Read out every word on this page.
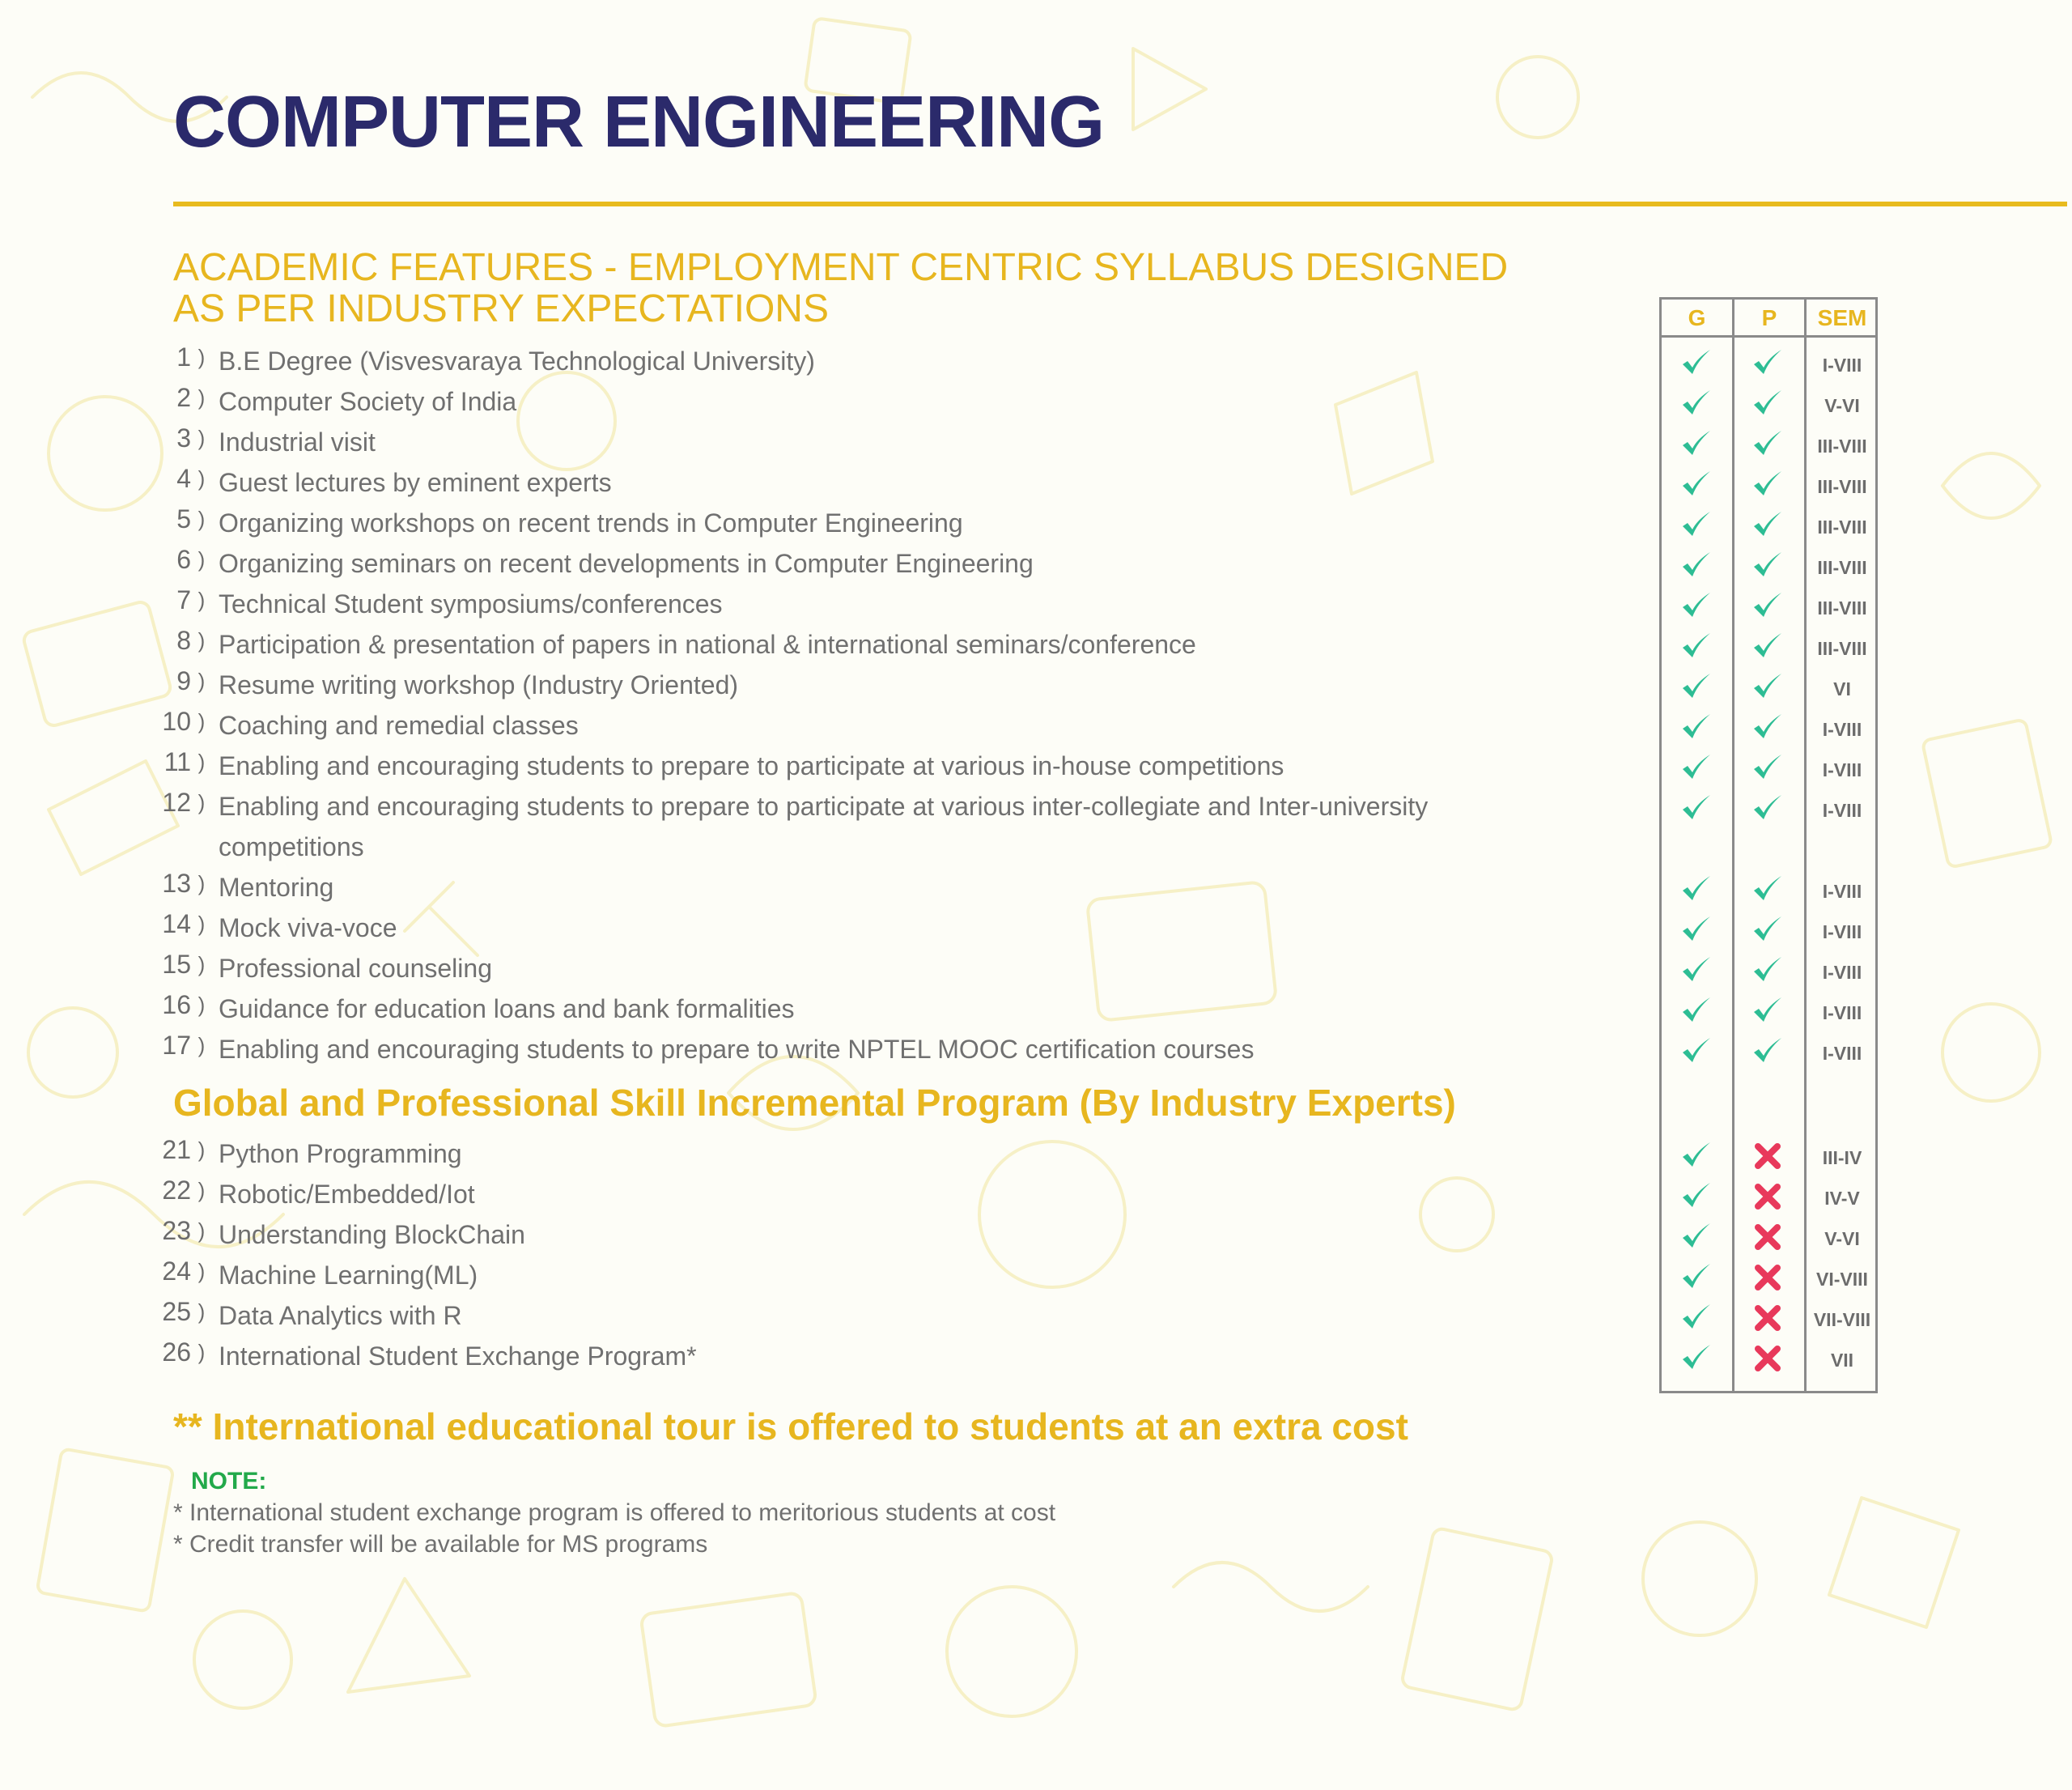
COMPUTER ENGINEERING
ACADEMIC FEATURES - EMPLOYMENT CENTRIC SYLLABUS DESIGNED
AS PER INDUSTRY EXPECTATIONS
1 ) B.E Degree (Visvesvaraya Technological University)
2 ) Computer Society of India
3 ) Industrial visit
4 ) Guest lectures by eminent experts
5 ) Organizing workshops on recent trends in Computer Engineering
6 ) Organizing seminars on recent developments in Computer Engineering
7 ) Technical Student symposiums/conferences
8 ) Participation & presentation of papers in national & international seminars/conference
9 ) Resume writing workshop (Industry Oriented)
10 ) Coaching and remedial classes
11 ) Enabling and encouraging students to prepare to participate at various in-house competitions
12 ) Enabling and encouraging students to prepare to participate at various inter-collegiate and Inter-university competitions
13 ) Mentoring
14 ) Mock viva-voce
15 ) Professional counseling
16 ) Guidance for education loans and bank formalities
17 ) Enabling and encouraging students to prepare to write NPTEL MOOC certification courses
Global and Professional Skill Incremental Program (By Industry Experts)
21 ) Python Programming
22 ) Robotic/Embedded/Iot
23 ) Understanding BlockChain
24 ) Machine Learning(ML)
25 ) Data Analytics with R
26 ) International Student Exchange Program*
G	P	SEM
I-VIII
V-VI
III-VIII
III-VIII
III-VIII
III-VIII
III-VIII
III-VIII
VI
I-VIII
I-VIII
I-VIII
I-VIII
I-VIII
I-VIII
I-VIII
I-VIII
III-IV
IV-V
V-VI
VI-VIII
VII-VIII
VII

** International educational tour is offered to students at an extra cost

NOTE:
* International student exchange program is offered to meritorious students at cost
* Credit transfer will be available for MS programs
